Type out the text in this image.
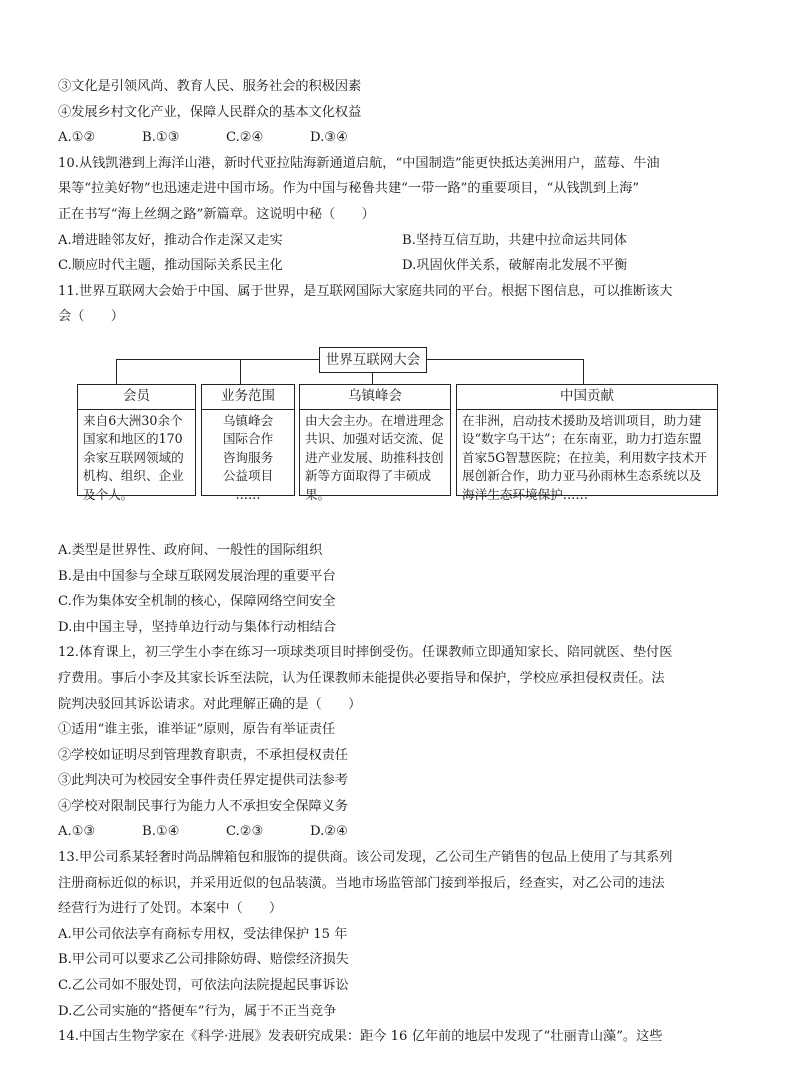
③文化是引领风尚、教育人民、服务社会的积极因素
④发展乡村文化产业，保障人民群众的基本文化权益
A.①②	B.①③	C.②④	D.③④
10.从钱凯港到上海洋山港，新时代亚拉陆海新通道启航，“中国制造”能更快抵达美洲用户，蓝莓、牛油
果等“拉美好物”也迅速走进中国市场。作为中国与秘鲁共建“一带一路”的重要项目，“从钱凯到上海”
正在书写“海上丝绸之路”新篇章。这说明中秘（　　）
A.增进睦邻友好，推动合作走深又走实	B.坚持互信互助，共建中拉命运共同体
C.顺应时代主题，推动国际关系民主化	D.巩固伙伴关系，破解南北发展不平衡
11.世界互联网大会始于中国、属于世界，是互联网国际大家庭共同的平台。根据下图信息，可以推断该大
会（　　）
世界互联网大会
会员
来自6大洲30余个国家和地区的170余家互联网领域的机构、组织、企业及个人。
业务范围
乌镇峰会
国际合作
咨询服务
公益项目
……
乌镇峰会
由大会主办。在增进理念共识、加强对话交流、促进产业发展、助推科技创新等方面取得了丰硕成果。
中国贡献
在非洲，启动技术援助及培训项目，助力建设“数字乌干达”；在东南亚，助力打造东盟首家5G智慧医院；在拉美，利用数字技术开展创新合作，助力亚马孙雨林生态系统以及海洋生态环境保护……
A.类型是世界性、政府间、一般性的国际组织
B.是由中国参与全球互联网发展治理的重要平台
C.作为集体安全机制的核心，保障网络空间安全
D.由中国主导，坚持单边行动与集体行动相结合
12.体育课上，初三学生小李在练习一项球类项目时摔倒受伤。任课教师立即通知家长、陪同就医、垫付医
疗费用。事后小李及其家长诉至法院，认为任课教师未能提供必要指导和保护，学校应承担侵权责任。法
院判决驳回其诉讼请求。对此理解正确的是（　　）
①适用“谁主张，谁举证”原则，原告有举证责任
②学校如证明尽到管理教育职责，不承担侵权责任
③此判决可为校园安全事件责任界定提供司法参考
④学校对限制民事行为能力人不承担安全保障义务
A.①③	B.①④	C.②③	D.②④
13.甲公司系某轻奢时尚品牌箱包和服饰的提供商。该公司发现，乙公司生产销售的包品上使用了与其系列
注册商标近似的标识，并采用近似的包品装潢。当地市场监管部门接到举报后，经查实，对乙公司的违法
经营行为进行了处罚。本案中（　　）
A.甲公司依法享有商标专用权，受法律保护 15 年
B.甲公司可以要求乙公司排除妨碍、赔偿经济损失
C.乙公司如不服处罚，可依法向法院提起民事诉讼
D.乙公司实施的“搭便车”行为，属于不正当竞争
14.中国古生物学家在《科学·进展》发表研究成果：距今 16 亿年前的地层中发现了“壮丽青山藻”。这些
